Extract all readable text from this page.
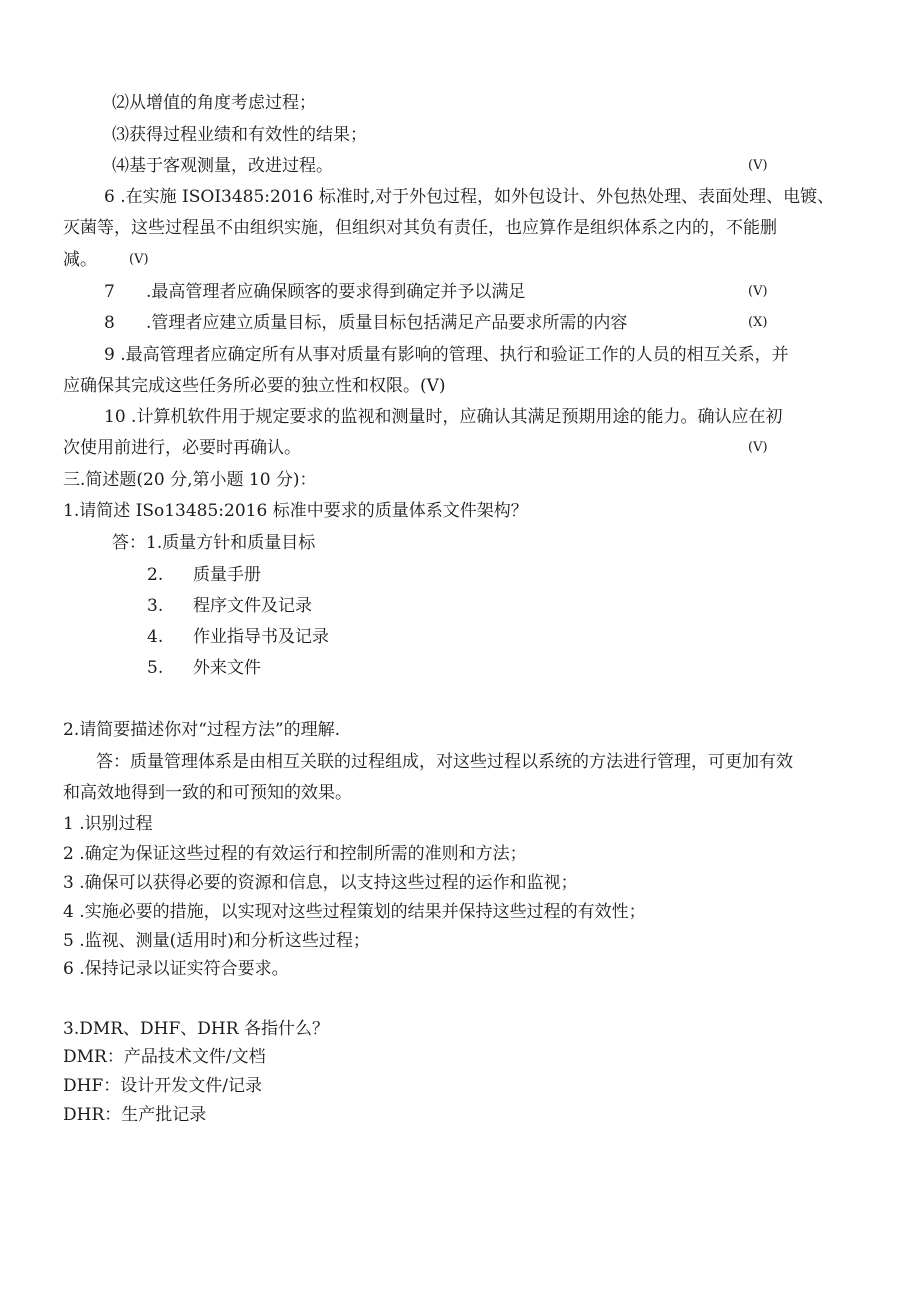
⑵从增值的角度考虑过程；
⑶获得过程业绩和有效性的结果；
⑷基于客观测量，改进过程。	(V)
6 .在实施 ISOI3485:2016 标准时,对于外包过程，如外包设计、外包热处理、表面处理、电镀、
灭菌等，这些过程虽不由组织实施，但组织对其负有责任，也应算作是组织体系之内的，不能删
减。 (V)
7 .最高管理者应确保顾客的要求得到确定并予以满足	(V)
8 .管理者应建立质量目标，质量目标包括满足产品要求所需的内容	(X)
9 .最高管理者应确定所有从事对质量有影响的管理、执行和验证工作的人员的相互关系，并
应确保其完成这些任务所必要的独立性和权限。(V)
10 .计算机软件用于规定要求的监视和测量时，应确认其满足预期用途的能力。确认应在初
次使用前进行，必要时再确认。	(V)
三.简述题(20 分,第小题 10 分)：
1.请简述 ISo13485:2016 标准中要求的质量体系文件架构？
答：1.质量方针和质量目标
2. 质量手册
3. 程序文件及记录
4. 作业指导书及记录
5. 外来文件
2.请简要描述你对“过程方法”的理解.
答：质量管理体系是由相互关联的过程组成，对这些过程以系统的方法进行管理，可更加有效
和高效地得到一致的和可预知的效果。
1 .识别过程
2 .确定为保证这些过程的有效运行和控制所需的准则和方法；
3 .确保可以获得必要的资源和信息，以支持这些过程的运作和监视；
4 .实施必要的措施，以实现对这些过程策划的结果并保持这些过程的有效性；
5 .监视、测量(适用时)和分析这些过程；
6 .保持记录以证实符合要求。
3.DMR、DHF、DHR 各指什么？
DMR：产品技术文件/文档
DHF：设计开发文件/记录
DHR：生产批记录
